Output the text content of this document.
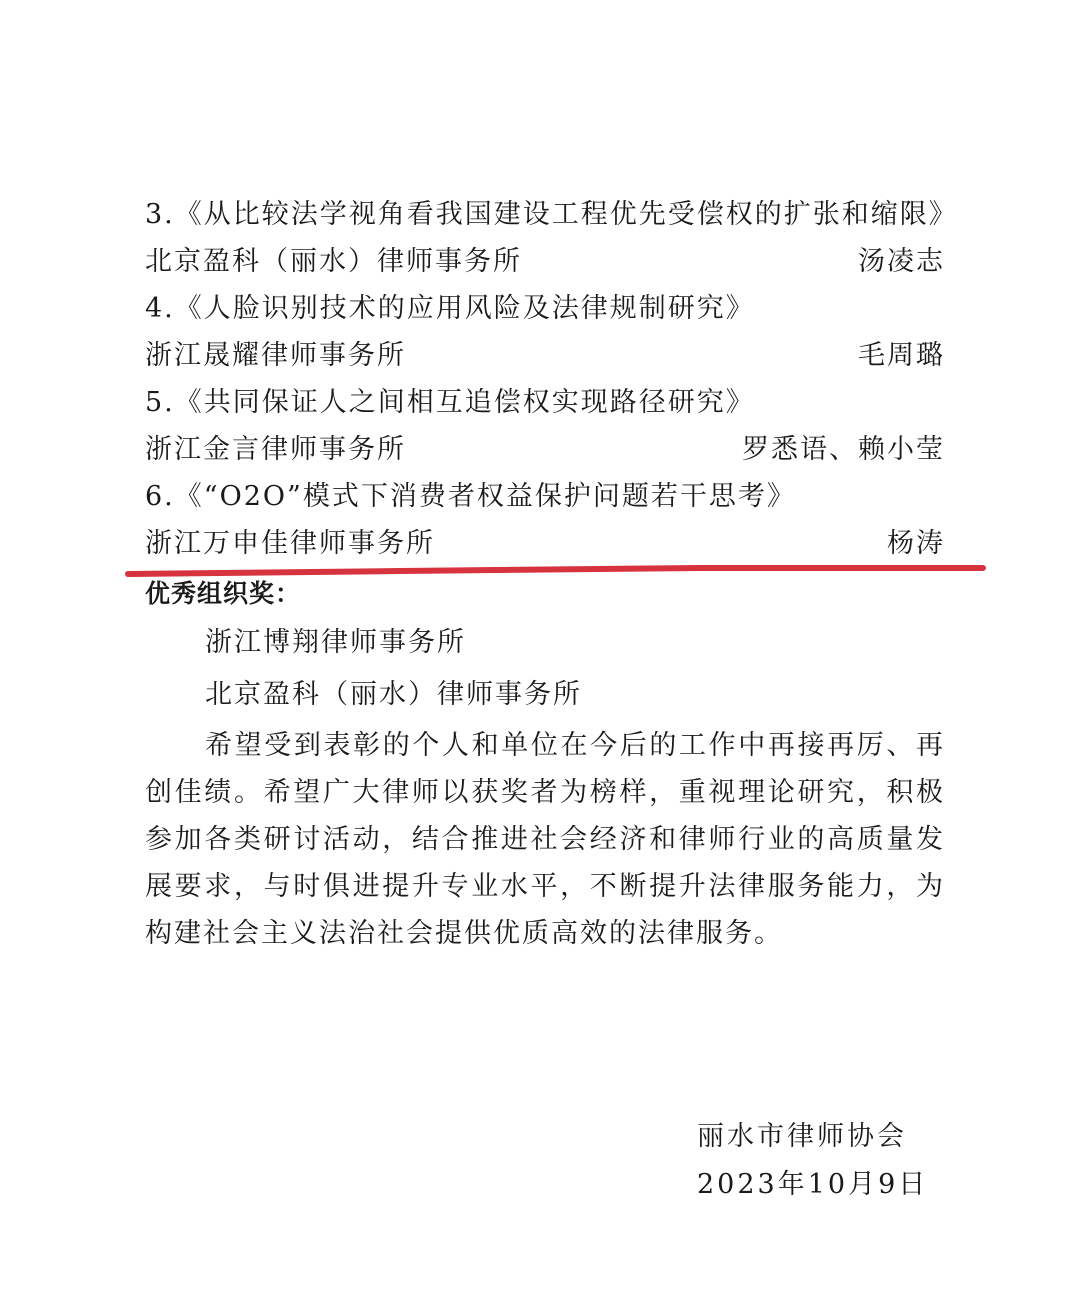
3.《从比较法学视角看我国建设工程优先受偿权的扩张和缩限》
北京盈科（丽水）律师事务所	汤凌志
4.《人脸识别技术的应用风险及法律规制研究》
浙江晟耀律师事务所	毛周璐
5.《共同保证人之间相互追偿权实现路径研究》
浙江金言律师事务所	罗悉语、赖小莹
6.《“O2O”模式下消费者权益保护问题若干思考》
浙江万申佳律师事务所	杨涛
优秀组织奖：
浙江博翔律师事务所
北京盈科（丽水）律师事务所
希望受到表彰的个人和单位在今后的工作中再接再厉、再创佳绩。希望广大律师以获奖者为榜样，重视理论研究，积极参加各类研讨活动，结合推进社会经济和律师行业的高质量发展要求，与时俱进提升专业水平，不断提升法律服务能力，为构建社会主义法治社会提供优质高效的法律服务。
丽水市律师协会
2023年10月9日
